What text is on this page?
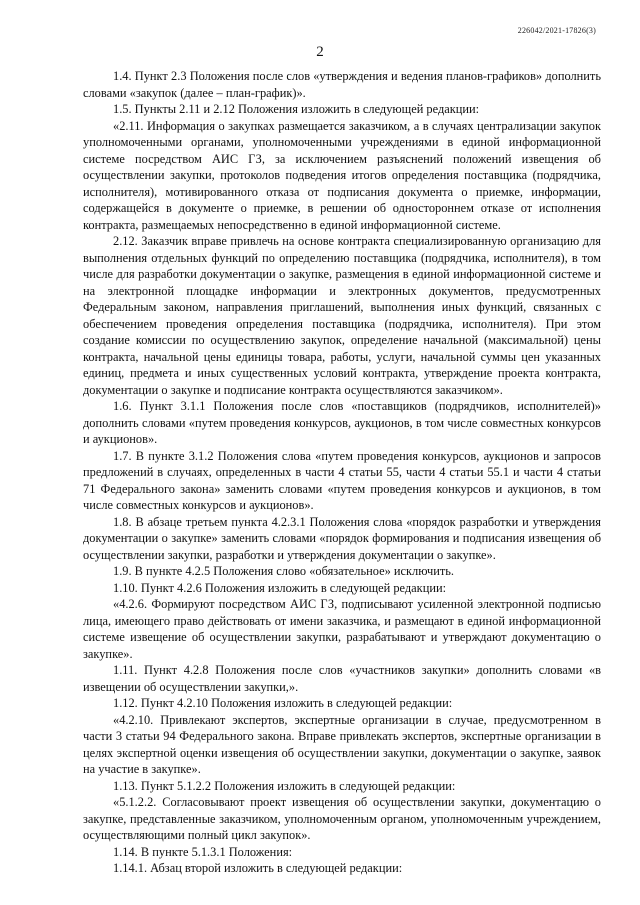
226042/2021-17826(3)
2

1.4. Пункт 2.3 Положения после слов «утверждения и ведения планов-графиков» дополнить словами «закупок (далее – план-график)».

1.5. Пункты 2.11 и 2.12 Положения изложить в следующей редакции:

«2.11. Информация о закупках размещается заказчиком, а в случаях централизации закупок уполномоченными органами, уполномоченными учреждениями в единой информационной системе посредством АИС ГЗ, за исключением разъяснений положений извещения об осуществлении закупки, протоколов подведения итогов определения поставщика (подрядчика, исполнителя), мотивированного отказа от подписания документа о приемке, информации, содержащейся в документе о приемке, в решении об одностороннем отказе от исполнения контракта, размещаемых непосредственно в единой информационной системе.

2.12. Заказчик вправе привлечь на основе контракта специализированную организацию для выполнения отдельных функций по определению поставщика (подрядчика, исполнителя), в том числе для разработки документации о закупке, размещения в единой информационной системе и на электронной площадке информации и электронных документов, предусмотренных Федеральным законом, направления приглашений, выполнения иных функций, связанных с обеспечением проведения определения поставщика (подрядчика, исполнителя). При этом создание комиссии по осуществлению закупок, определение начальной (максимальной) цены контракта, начальной цены единицы товара, работы, услуги, начальной суммы цен указанных единиц, предмета и иных существенных условий контракта, утверждение проекта контракта, документации о закупке и подписание контракта осуществляются заказчиком».

1.6. Пункт 3.1.1 Положения после слов «поставщиков (подрядчиков, исполнителей)» дополнить словами «путем проведения конкурсов, аукционов, в том числе совместных конкурсов и аукционов».

1.7. В пункте 3.1.2 Положения слова «путем проведения конкурсов, аукционов и запросов предложений в случаях, определенных в части 4 статьи 55, части 4 статьи 55.1 и части 4 статьи 71 Федерального закона» заменить словами «путем проведения конкурсов и аукционов, в том числе совместных конкурсов и аукционов».

1.8. В абзаце третьем пункта 4.2.3.1 Положения слова «порядок разработки и утверждения документации о закупке» заменить словами «порядок формирования и подписания извещения об осуществлении закупки, разработки и утверждения документации о закупке».

1.9. В пункте 4.2.5 Положения слово «обязательное» исключить.

1.10. Пункт 4.2.6 Положения изложить в следующей редакции:

«4.2.6. Формируют посредством АИС ГЗ, подписывают усиленной электронной подписью лица, имеющего право действовать от имени заказчика, и размещают в единой информационной системе извещение об осуществлении закупки, разрабатывают и утверждают документацию о закупке».

1.11. Пункт 4.2.8 Положения после слов «участников закупки» дополнить словами «в извещении об осуществлении закупки,».

1.12. Пункт 4.2.10 Положения изложить в следующей редакции:

«4.2.10. Привлекают экспертов, экспертные организации в случае, предусмотренном в части 3 статьи 94 Федерального закона. Вправе привлекать экспертов, экспертные организации в целях экспертной оценки извещения об осуществлении закупки, документации о закупке, заявок на участие в закупке».

1.13. Пункт 5.1.2.2 Положения изложить в следующей редакции:

«5.1.2.2. Согласовывают проект извещения об осуществлении закупки, документацию о закупке, представленные заказчиком, уполномоченным органом, уполномоченным учреждением, осуществляющими полный цикл закупок».

1.14. В пункте 5.1.3.1 Положения:

1.14.1. Абзац второй изложить в следующей редакции:
